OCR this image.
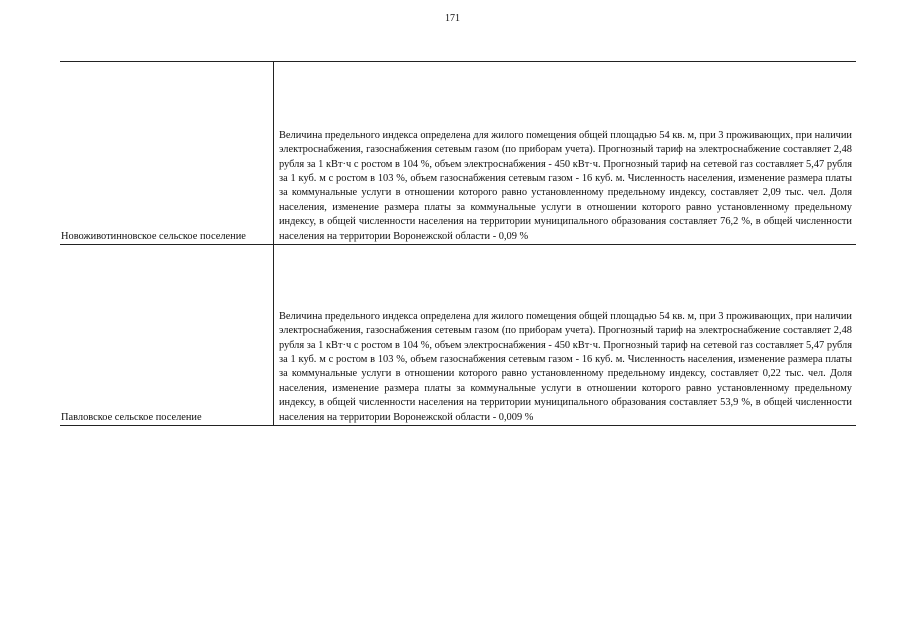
171
Новоживотинновское сельское поселение

Величина предельного индекса определена для жилого помещения общей площадью 54 кв. м, при 3 проживающих, при наличии электроснабжения, газоснабжения сетевым газом (по приборам учета). Прогнозный тариф на электроснабжение составляет 2,48 рубля за 1 кВт·ч с ростом в 104 %, объем электроснабжения - 450 кВт·ч. Прогнозный тариф на сетевой газ составляет 5,47 рубля за 1 куб. м с ростом в 103 %, объем газоснабжения сетевым газом - 16 куб. м. Численность населения, изменение размера платы за коммунальные услуги в отношении которого равно установленному предельному индексу, составляет 2,09 тыс. чел. Доля населения, изменение размера платы за коммунальные услуги в отношении которого равно установленному предельному индексу, в общей численности населения на территории муниципального образования составляет 76,2 %, в общей численности населения на территории Воронежской области - 0,09 %

Павловское сельское поселение

Величина предельного индекса определена для жилого помещения общей площадью 54 кв. м, при 3 проживающих, при наличии электроснабжения, газоснабжения сетевым газом (по приборам учета). Прогнозный тариф на электроснабжение составляет 2,48 рубля за 1 кВт·ч с ростом в 104 %, объем электроснабжения - 450 кВт·ч. Прогнозный тариф на сетевой газ составляет 5,47 рубля за 1 куб. м с ростом в 103 %, объем газоснабжения сетевым газом - 16 куб. м. Численность населения, изменение размера платы за коммунальные услуги в отношении которого равно установленному предельному индексу, составляет 0,22 тыс. чел. Доля населения, изменение размера платы за коммунальные услуги в отношении которого равно установленному предельному индексу, в общей численности населения на территории муниципального образования составляет 53,9 %, в общей численности населения на территории Воронежской области - 0,009 %
